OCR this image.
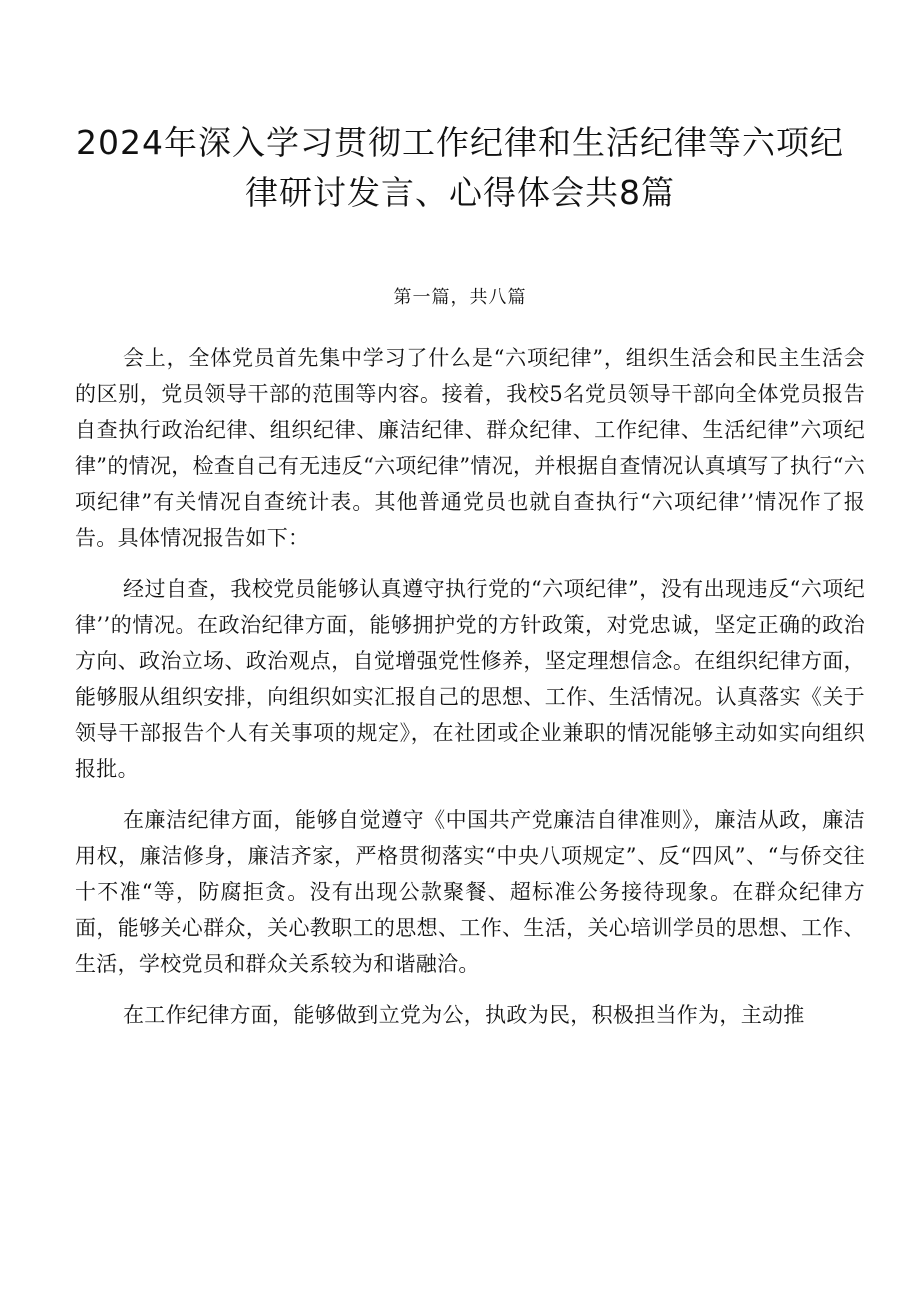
2024年深入学习贯彻工作纪律和生活纪律等六项纪律研讨发言、心得体会共8篇
第一篇，共八篇

会上，全体党员首先集中学习了什么是“六项纪律”，组织生活会和民主生活会的区别，党员领导干部的范围等内容。接着，我校5名党员领导干部向全体党员报告自查执行政治纪律、组织纪律、廉洁纪律、群众纪律、工作纪律、生活纪律”六项纪律”的情况，检查自己有无违反“六项纪律”情况，并根据自查情况认真填写了执行“六项纪律”有关情况自查统计表。其他普通党员也就自查执行“六项纪律’’情况作了报告。具体情况报告如下：

经过自查，我校党员能够认真遵守执行党的“六项纪律”，没有出现违反“六项纪律’’的情况。在政治纪律方面，能够拥护党的方针政策，对党忠诚，坚定正确的政治方向、政治立场、政治观点，自觉增强党性修养，坚定理想信念。在组织纪律方面，能够服从组织安排，向组织如实汇报自己的思想、工作、生活情况。认真落实《关于领导干部报告个人有关事项的规定》，在社团或企业兼职的情况能够主动如实向组织报批。

在廉洁纪律方面，能够自觉遵守《中国共产党廉洁自律准则》，廉洁从政，廉洁用权，廉洁修身，廉洁齐家，严格贯彻落实“中央八项规定”、反“四风”、“与侨交往十不准“等，防腐拒贪。没有出现公款聚餐、超标准公务接待现象。在群众纪律方面，能够关心群众，关心教职工的思想、工作、生活，关心培训学员的思想、工作、生活，学校党员和群众关系较为和谐融洽。

在工作纪律方面，能够做到立党为公，执政为民，积极担当作为，主动推
